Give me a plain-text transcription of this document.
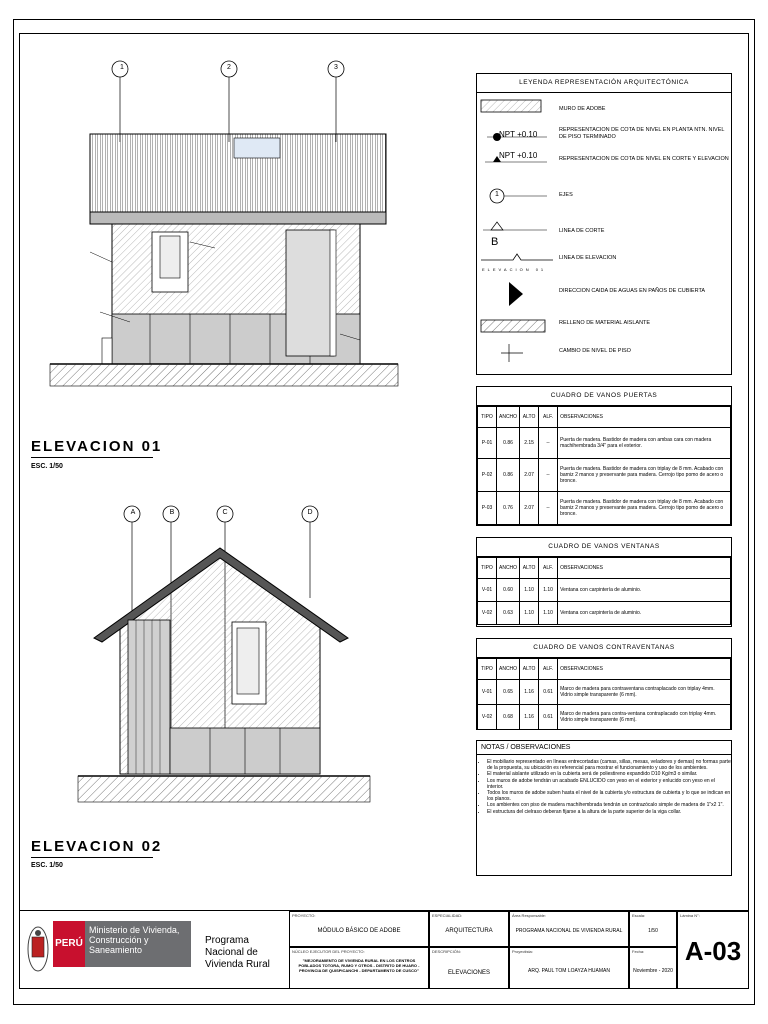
1	2	3
ELEVACION 01
ESC. 1/50
A	B	C	D
ELEVACION 02
ESC. 1/50
LEYENDA REPRESENTACIÓN ARQUITECTÓNICA
NPT +0.10
NPT +0.10
1
B
ELEVACION 01
MURO DE ADOBE
REPRESENTACION DE COTA DE NIVEL EN PLANTA NTN. NIVEL DE PISO TERMINADO
REPRESENTACION DE COTA DE NIVEL EN CORTE Y ELEVACION
EJES
LINEA DE CORTE
LINEA DE ELEVACION
DIRECCION CAIDA DE AGUAS EN PAÑOS DE CUBIERTA
RELLENO DE MATERIAL AISLANTE
CAMBIO DE NIVEL DE PISO
CUADRO DE VANOS PUERTAS
TIPO	ANCHO	ALTO	ALF.	OBSERVACIONES
P-01	0.86	2.15	--	Puerta de madera. Bastidor de madera con ambas cara con madera machihembrada 3/4" para el exterior.
P-02	0.86	2.07	--	Puerta de madera. Bastidor de madera con triplay de 8 mm. Acabado con barniz 2 manos y preservante para madera. Cerrojo tipo pomo de acero o bronce.
P-03	0.76	2.07	--	Puerta de madera. Bastidor de madera con triplay de 8 mm. Acabado con barniz 2 manos y preservante para madera. Cerrojo tipo pomo de acero o bronce.
CUADRO DE VANOS VENTANAS
TIPO	ANCHO	ALTO	ALF.	OBSERVACIONES
V-01	0.60	1.10	1.10	Ventana con carpintería de aluminio.
V-02	0.63	1.10	1.10	Ventana con carpintería de aluminio.
CUADRO DE VANOS CONTRAVENTANAS
TIPO	ANCHO	ALTO	ALF.	OBSERVACIONES
V-01	0.65	1.16	0.61	Marco de madera para contraventana contraplacado con triplay 4mm. Vidrio simple transparente (6 mm).
V-02	0.68	1.16	0.61	Marco de madera para contra-ventana contraplacado con triplay 4mm. Vidrio simple transparente (6 mm).
NOTAS / OBSERVACIONES
• El mobiliario representado en líneas entrecortadas (camas, sillas, mesas, veladores y demas) no formas parte de la propuesta, su ubicación es referencial para mostrar el funcionamiento y uso de los ambientes.
• El material aislante utilizado en la cubierta será de poliestireno expandido D10 Kg/m3 o similar.
• Los muros de adobe tendrán un acabado ENLUCIDO con yeso en el exterior y enlucido con yeso en el interior.
• Todos los muros de adobe suben hasta el nivel de la cubierta y/o estructura de cubierta y lo que se indican en los planos.
• Los ambientes con piso de madera machihembrada tendrán un contrazócalo simple de madera de 1"x2 1".
• El estructura del cielraso deberan fijarse a la altura de la parte superior de la viga collar.
PERÚ
Ministerio de Vivienda, Construcción y Saneamiento
Programa Nacional de Vivienda Rural
PROYECTO:
MÓDULO BÁSICO DE ADOBE
NÚCLEO EJECUTOR DEL PROYECTO:
"MEJORAMIENTO DE VIVIENDA RURAL EN LOS CENTROS POBLADOS TOTORA, RUMO Y OTROS - DISTRITO DE HUARO - PROVINCIA DE QUISPICANCHI - DEPARTAMENTO DE CUSCO"
ESPECIALIDAD:
ARQUITECTURA
DESCRIPCIÓN:
ELEVACIONES
Área Responsable:
PROGRAMA NACIONAL DE VIVIENDA RURAL
Proyectista:
ARQ. PAUL TOM LOAYZA HUAMAN
Escala:
1/50
Fecha:
Noviembre - 2020
Lámina N°:
A-03
